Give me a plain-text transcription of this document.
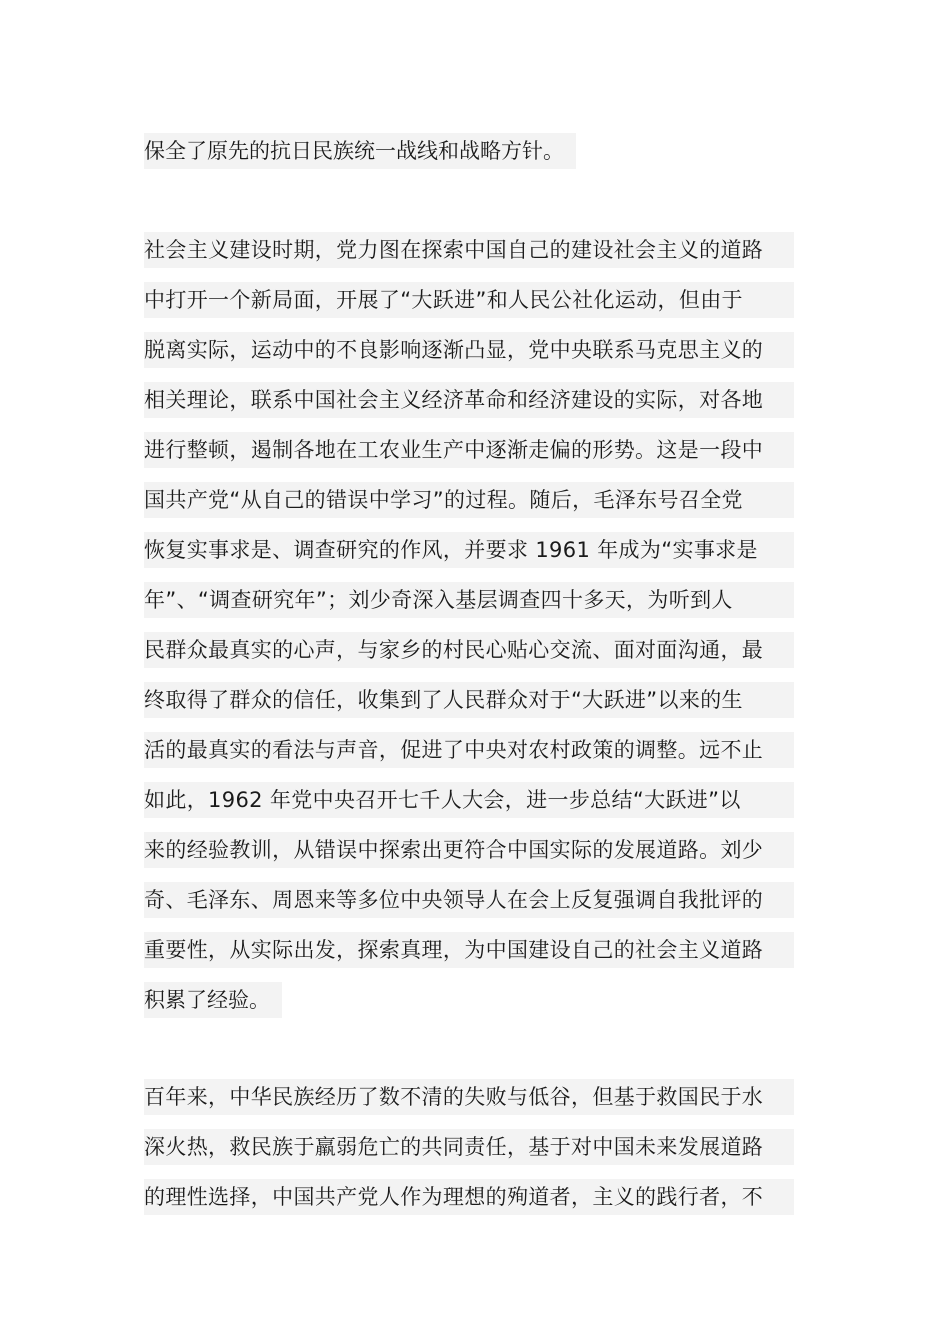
保全了原先的抗日民族统一战线和战略方针。
社会主义建设时期，党力图在探索中国自己的建设社会主义的道路
中打开一个新局面，开展了“大跃进”和人民公社化运动，但由于
脱离实际，运动中的不良影响逐渐凸显，党中央联系马克思主义的
相关理论，联系中国社会主义经济革命和经济建设的实际，对各地
进行整顿，遏制各地在工农业生产中逐渐走偏的形势。这是一段中
国共产党“从自己的错误中学习”的过程。随后，毛泽东号召全党
恢复实事求是、调查研究的作风，并要求 1961 年成为“实事求是
年”、“调查研究年”；刘少奇深入基层调查四十多天，为听到人
民群众最真实的心声，与家乡的村民心贴心交流、面对面沟通，最
终取得了群众的信任，收集到了人民群众对于“大跃进”以来的生
活的最真实的看法与声音，促进了中央对农村政策的调整。远不止
如此，1962 年党中央召开七千人大会，进一步总结“大跃进”以
来的经验教训，从错误中探索出更符合中国实际的发展道路。刘少
奇、毛泽东、周恩来等多位中央领导人在会上反复强调自我批评的
重要性，从实际出发，探索真理，为中国建设自己的社会主义道路
积累了经验。
百年来，中华民族经历了数不清的失败与低谷，但基于救国民于水
深火热，救民族于羸弱危亡的共同责任，基于对中国未来发展道路
的理性选择，中国共产党人作为理想的殉道者，主义的践行者，不
